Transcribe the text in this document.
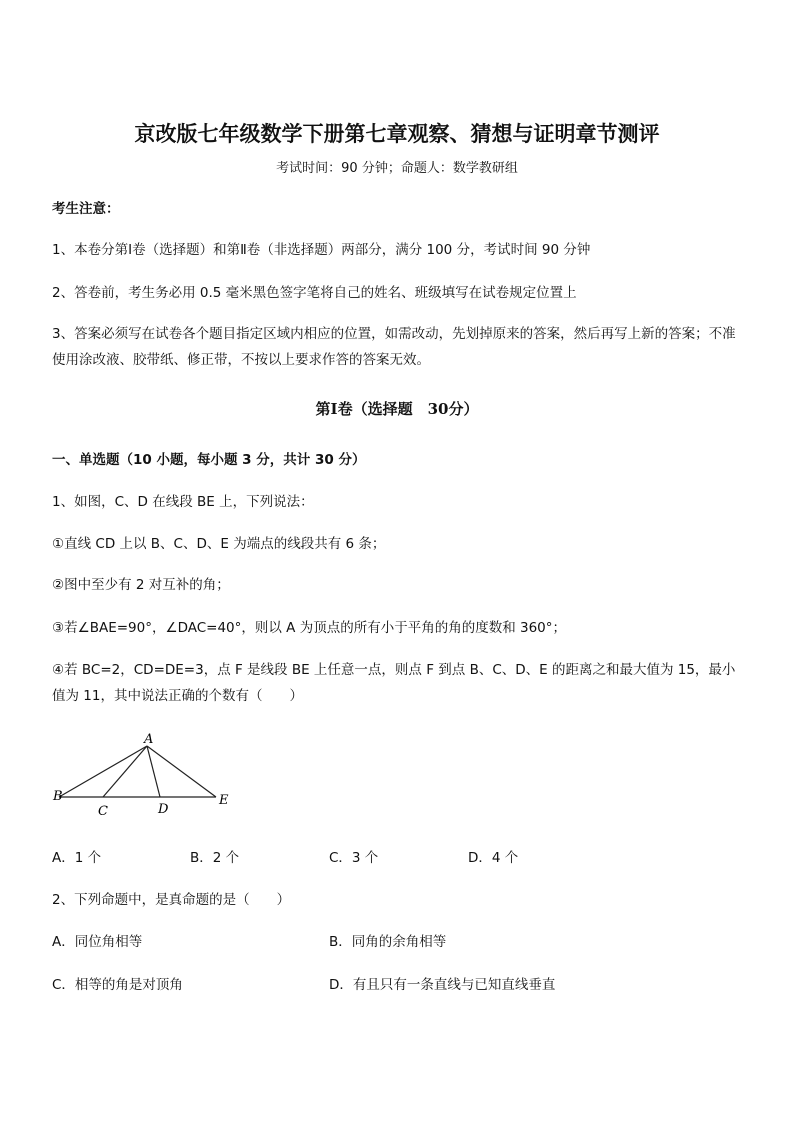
京改版七年级数学下册第七章观察、猜想与证明章节测评
考试时间：90 分钟；命题人：数学教研组
考生注意：
1、本卷分第Ⅰ卷（选择题）和第Ⅱ卷（非选择题）两部分，满分 100 分，考试时间 90 分钟
2、答卷前，考生务必用 0.5 毫米黑色签字笔将自己的姓名、班级填写在试卷规定位置上
3、答案必须写在试卷各个题目指定区域内相应的位置，如需改动，先划掉原来的答案，然后再写上新的答案；不准使用涂改液、胶带纸、修正带，不按以上要求作答的答案无效。
第Ⅰ卷（选择题　30分）
一、单选题（10 小题，每小题 3 分，共计 30 分）
1、如图，C、D 在线段 BE 上，下列说法：
①直线 CD 上以 B、C、D、E 为端点的线段共有 6 条；
②图中至少有 2 对互补的角；
③若∠BAE=90°，∠DAC=40°，则以 A 为顶点的所有小于平角的角的度数和 360°；
④若 BC=2，CD=DE=3，点 F 是线段 BE 上任意一点，则点 F 到点 B、C、D、E 的距离之和最大值为 15，最小值为 11，其中说法正确的个数有（　　）
A
B
C	D
E
A．1 个	B．2 个	C．3 个	D．4 个
2、下列命题中，是真命题的是（　　）
A．同位角相等	B．同角的余角相等
C．相等的角是对顶角	D．有且只有一条直线与已知直线垂直
